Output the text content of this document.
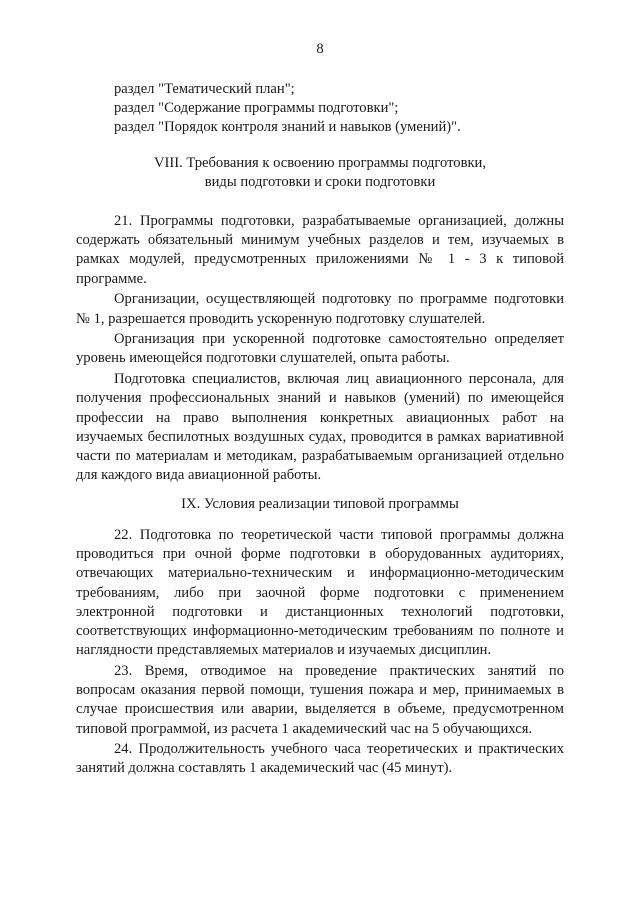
8
раздел "Тематический план";
раздел "Содержание программы подготовки";
раздел "Порядок контроля знаний и навыков (умений)".
VIII. Требования к освоению программы подготовки,
виды подготовки и сроки подготовки

21. Программы подготовки, разрабатываемые организацией, должны содержать обязательный минимум учебных разделов и тем, изучаемых в рамках модулей, предусмотренных приложениями № 1 - 3 к типовой программе.

Организации, осуществляющей подготовку по программе подготовки № 1, разрешается проводить ускоренную подготовку слушателей.

Организация при ускоренной подготовке самостоятельно определяет уровень имеющейся подготовки слушателей, опыта работы.

Подготовка специалистов, включая лиц авиационного персонала, для получения профессиональных знаний и навыков (умений) по имеющейся профессии на право выполнения конкретных авиационных работ на изучаемых беспилотных воздушных судах, проводится в рамках вариативной части по материалам и методикам, разрабатываемым организацией отдельно для каждого вида авиационной работы.

IX. Условия реализации типовой программы

22. Подготовка по теоретической части типовой программы должна проводиться при очной форме подготовки в оборудованных аудиториях, отвечающих материально-техническим и информационно-методическим требованиям, либо при заочной форме подготовки с применением электронной подготовки и дистанционных технологий подготовки, соответствующих информационно-методическим требованиям по полноте и наглядности представляемых материалов и изучаемых дисциплин.

23. Время, отводимое на проведение практических занятий по вопросам оказания первой помощи, тушения пожара и мер, принимаемых в случае происшествия или аварии, выделяется в объеме, предусмотренном типовой программой, из расчета 1 академический час на 5 обучающихся.

24. Продолжительность учебного часа теоретических и практических занятий должна составлять 1 академический час (45 минут).
